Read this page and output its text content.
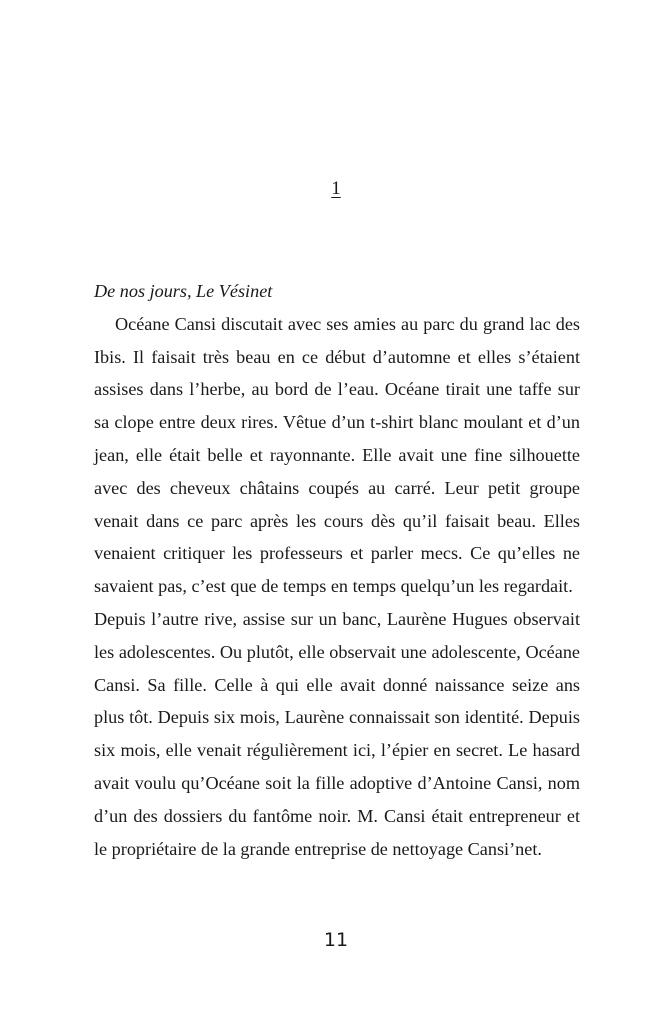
1

De nos jours, Le Vésinet

Océane Cansi discutait avec ses amies au parc du grand lac des Ibis. Il faisait très beau en ce début d’automne et elles s’étaient assises dans l’herbe, au bord de l’eau. Océane tirait une taffe sur sa clope entre deux rires. Vêtue d’un t-shirt blanc moulant et d’un jean, elle était belle et rayonnante. Elle avait une fine silhouette avec des cheveux châtains coupés au carré. Leur petit groupe venait dans ce parc après les cours dès qu’il faisait beau. Elles venaient critiquer les professeurs et parler mecs. Ce qu’elles ne savaient pas, c’est que de temps en temps quelqu’un les regardait.

Depuis l’autre rive, assise sur un banc, Laurène Hugues observait les adolescentes. Ou plutôt, elle observait une adolescente, Océane Cansi. Sa fille. Celle à qui elle avait donné naissance seize ans plus tôt. Depuis six mois, Laurène connaissait son identité. Depuis six mois, elle venait régulièrement ici, l’épier en secret. Le hasard avait voulu qu’Océane soit la fille adoptive d’Antoine Cansi, nom d’un des dossiers du fantôme noir. M. Cansi était entrepreneur et le propriétaire de la grande entreprise de nettoyage Cansi’net.

11
